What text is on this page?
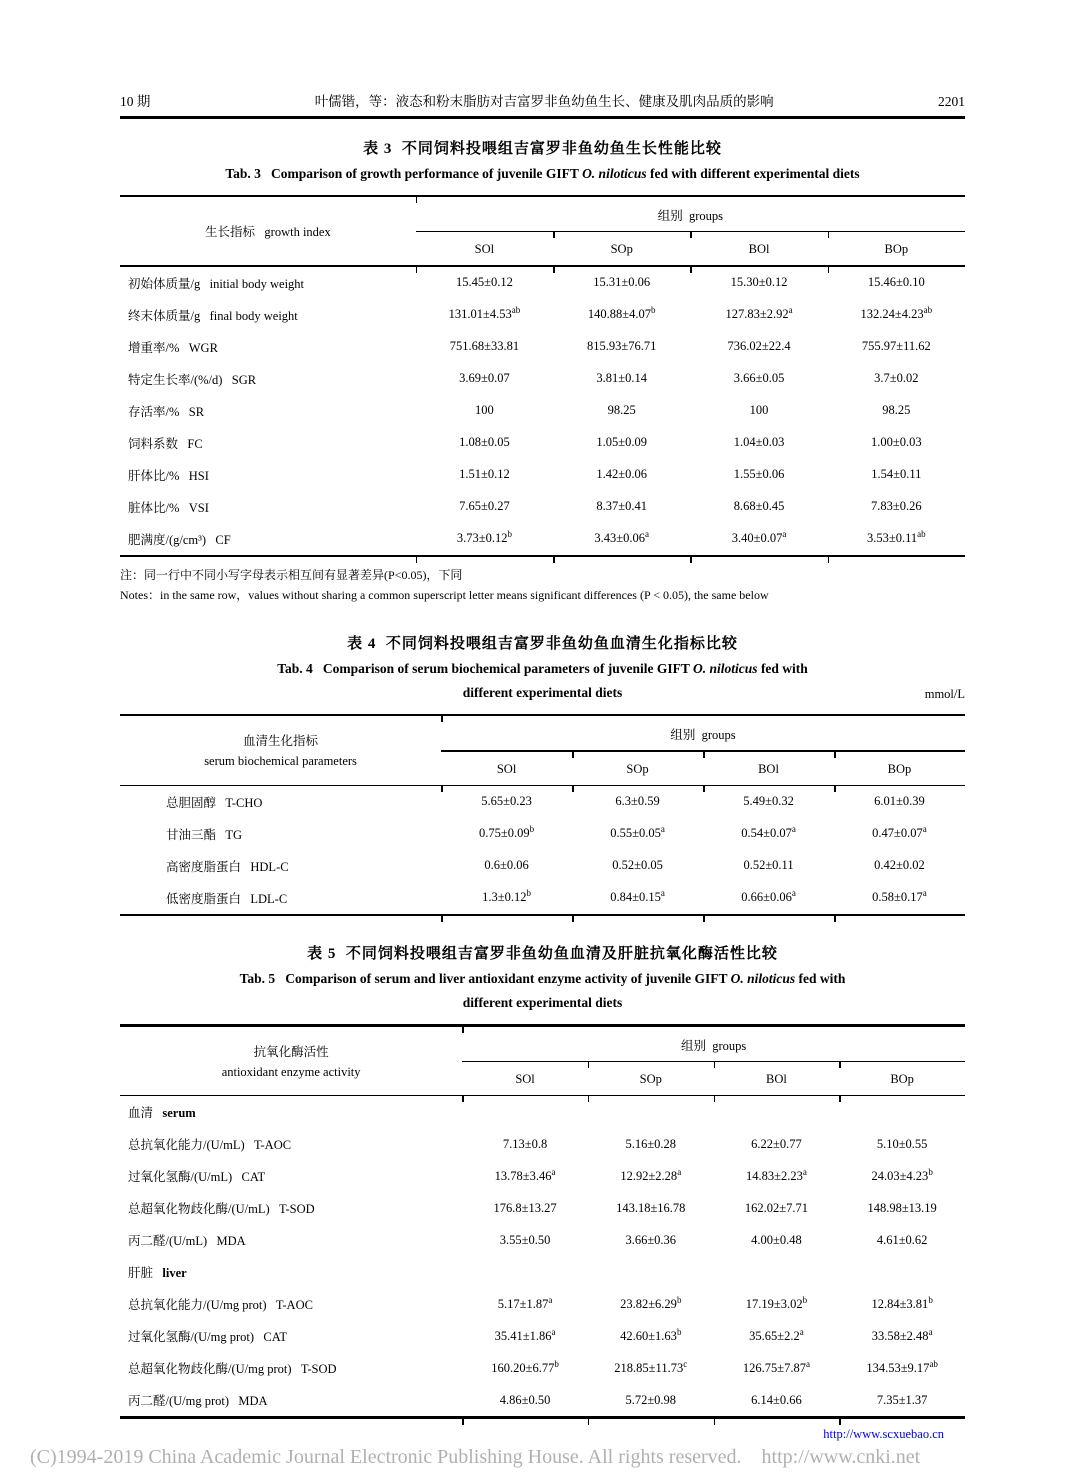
10 期	叶儒锴，等：液态和粉末脂肪对吉富罗非鱼幼鱼生长、健康及肌肉品质的影响	2201
表 3  不同饲料投喂组吉富罗非鱼幼鱼生长性能比较

Tab. 3   Comparison of growth performance of juvenile GIFT O. niloticus fed with different experimental diets

生长指标   growth index
组别  groups
SOl	SOp	BOl	BOp
初始体质量/g   initial body weight	15.45±0.12	15.31±0.06	15.30±0.12	15.46±0.10
终末体质量/g   final body weight	131.01±4.53$^{ab}$	140.88±4.07$^b$	127.83±2.92$^a$	132.24±4.23$^{ab}$
增重率/%   WGR	751.68±33.81	815.93±76.71	736.02±22.4	755.97±11.62
特定生长率/(%/d)   SGR	3.69±0.07	3.81±0.14	3.66±0.05	3.7±0.02
存活率/%   SR	100	98.25	100	98.25
饲料系数   FC	1.08±0.05	1.05±0.09	1.04±0.03	1.00±0.03
肝体比/%   HSI	1.51±0.12	1.42±0.06	1.55±0.06	1.54±0.11
脏体比/%   VSI	7.65±0.27	8.37±0.41	8.68±0.45	7.83±0.26
肥满度/(g/cm³)   CF	3.73±0.12$^b$	3.43±0.06$^a$	3.40±0.07$^a$	3.53±0.11$^{ab}$
注：同一行中不同小写字母表示相互间有显著差异(P<0.05)，下同
Notes：in the same row，values without sharing a common superscript letter means significant differences (P < 0.05), the same below
表 4  不同饲料投喂组吉富罗非鱼幼鱼血清生化指标比较

Tab. 4   Comparison of serum biochemical parameters of juvenile GIFT O. niloticus fed with

different experimental diets	mmol/L

血清生化指标
serum biochemical parameters
组别  groups
SOl	SOp	BOl	BOp
总胆固醇   T-CHO	5.65±0.23	6.3±0.59	5.49±0.32	6.01±0.39
甘油三酯   TG	0.75±0.09$^b$	0.55±0.05$^a$	0.54±0.07$^a$	0.47±0.07$^a$
高密度脂蛋白   HDL-C	0.6±0.06	0.52±0.05	0.52±0.11	0.42±0.02
低密度脂蛋白   LDL-C	1.3±0.12$^b$	0.84±0.15$^a$	0.66±0.06$^a$	0.58±0.17$^a$
表 5  不同饲料投喂组吉富罗非鱼幼鱼血清及肝脏抗氧化酶活性比较

Tab. 5   Comparison of serum and liver antioxidant enzyme activity of juvenile GIFT O. niloticus fed with

different experimental diets

抗氧化酶活性
antioxidant enzyme activity
组别  groups
SOl	SOp	BOl	BOp
血清   serum
总抗氧化能力/(U/mL)   T-AOC	7.13±0.8	5.16±0.28	6.22±0.77	5.10±0.55
过氧化氢酶/(U/mL)   CAT	13.78±3.46$^a$	12.92±2.28$^a$	14.83±2.23$^a$	24.03±4.23$^b$
总超氧化物歧化酶/(U/mL)   T-SOD	176.8±13.27	143.18±16.78	162.02±7.71	148.98±13.19
丙二醛/(U/mL)   MDA	3.55±0.50	3.66±0.36	4.00±0.48	4.61±0.62
肝脏   liver
总抗氧化能力/(U/mg prot)   T-AOC	5.17±1.87$^a$	23.82±6.29$^b$	17.19±3.02$^b$	12.84±3.81$^b$
过氧化氢酶/(U/mg prot)   CAT	35.41±1.86$^a$	42.60±1.63$^b$	35.65±2.2$^a$	33.58±2.48$^a$
总超氧化物歧化酶/(U/mg prot)   T-SOD	160.20±6.77$^b$	218.85±11.73$^c$	126.75±7.87$^a$	134.53±9.17$^{ab}$
丙二醛/(U/mg prot)   MDA	4.86±0.50	5.72±0.98	6.14±0.66	7.35±1.37
http://www.scxuebao.cn
(C)1994-2019 China Academic Journal Electronic Publishing House. All rights reserved.    http://www.cnki.net
